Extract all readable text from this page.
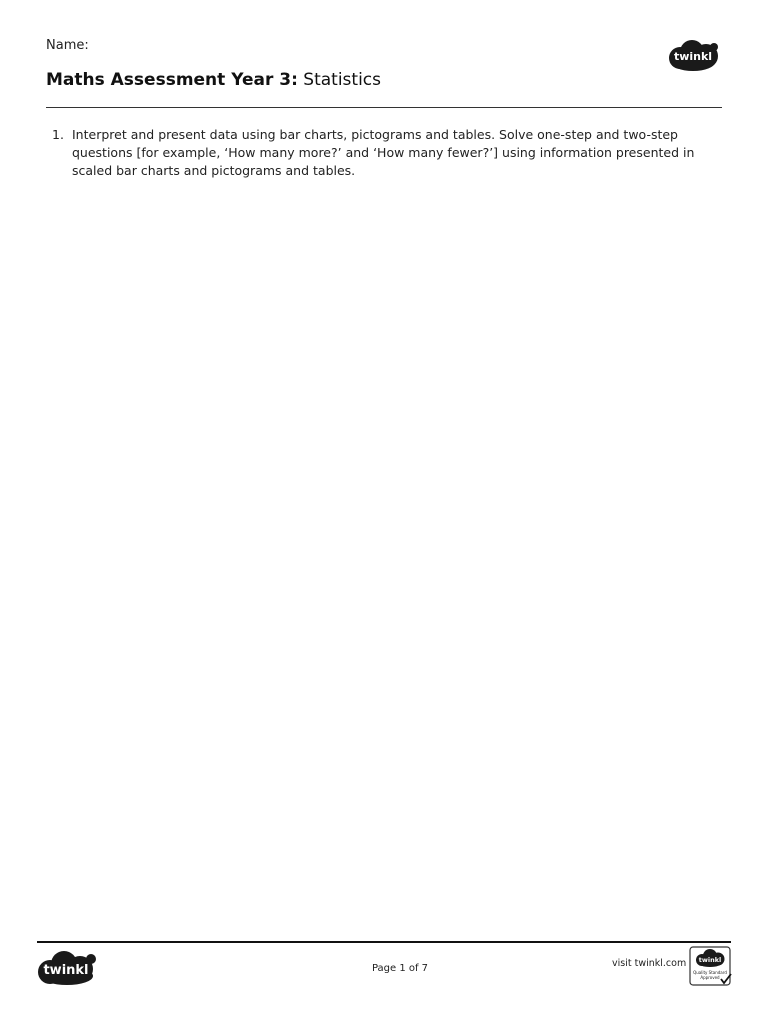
Name:
twinkl
Maths Assessment Year 3: Statistics
1. Interpret and present data using bar charts, pictograms and tables. Solve one-step and two-step questions [for example, ‘How many more?’ and ‘How many fewer?’] using information presented in scaled bar charts and pictograms and tables.
twinkl	Page 1 of 7	visit twinkl.com twinkl
Quality Standard
Approved
